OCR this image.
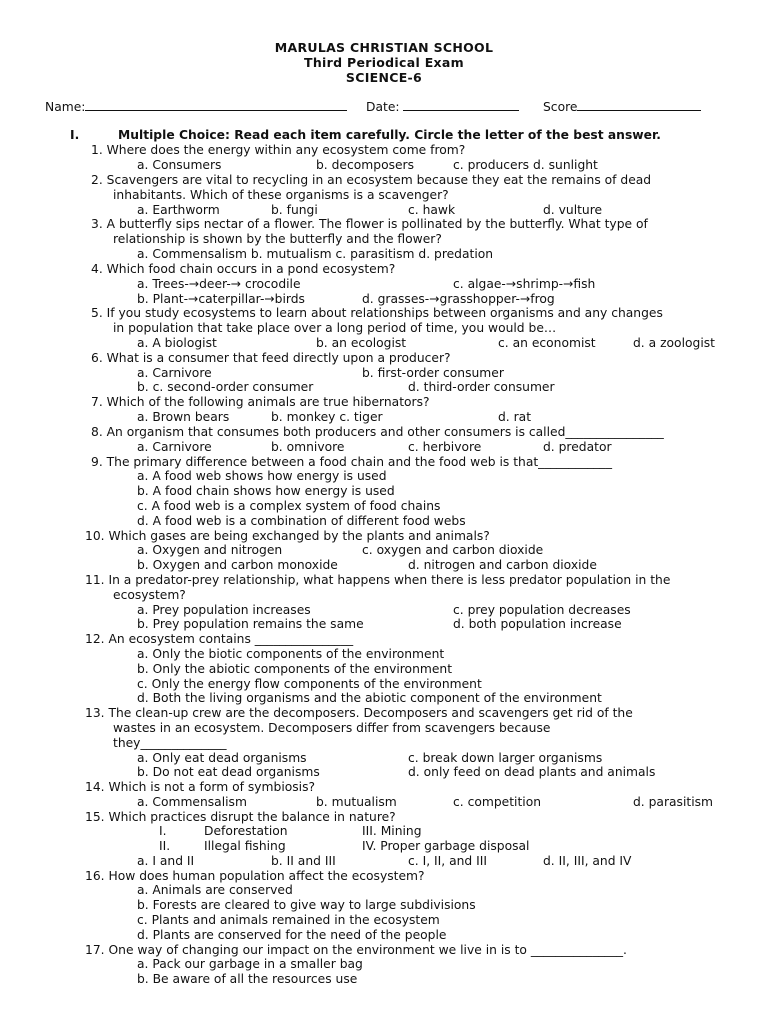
MARULAS CHRISTIAN SCHOOL
Third Periodical Exam
SCIENCE-6
Name:	Date:	Score
I.	Multiple Choice: Read each item carefully. Circle the letter of the best answer.
1. Where does the energy within any ecosystem come from?
a. Consumers	b. decomposers	c. producers d. sunlight
2. Scavengers are vital to recycling in an ecosystem because they eat the remains of dead
inhabitants. Which of these organisms is a scavenger?
a. Earthworm	b. fungi	c. hawk	d. vulture
3. A butterfly sips nectar of a flower. The flower is pollinated by the butterfly. What type of
relationship is shown by the butterfly and the flower?
a. Commensalism b. mutualism c. parasitism d. predation
4. Which food chain occurs in a pond ecosystem?
a. Trees-→deer-→ crocodile	c. algae-→shrimp-→fish
b. Plant-→caterpillar-→birds	d. grasses-→grasshopper-→frog
5. If you study ecosystems to learn about relationships between organisms and any changes
in population that take place over a long period of time, you would be…
a. A biologist	b. an ecologist	c. an economist	d. a zoologist
6. What is a consumer that feed directly upon a producer?
a. Carnivore	b. first-order consumer
b. c. second-order consumer	d. third-order consumer
7. Which of the following animals are true hibernators?
a. Brown bears	b. monkey c. tiger	d. rat
8. An organism that consumes both producers and other consumers is called________________
a. Carnivore	b. omnivore	c. herbivore	d. predator
9. The primary difference between a food chain and the food web is that____________
a. A food web shows how energy is used
b. A food chain shows how energy is used
c. A food web is a complex system of food chains
d. A food web is a combination of different food webs
10. Which gases are being exchanged by the plants and animals?
a. Oxygen and nitrogen	c. oxygen and carbon dioxide
b. Oxygen and carbon monoxide	d. nitrogen and carbon dioxide
11. In a predator-prey relationship, what happens when there is less predator population in the
ecosystem?
a. Prey population increases	c. prey population decreases
b. Prey population remains the same	d. both population increase
12. An ecosystem contains ________________
a. Only the biotic components of the environment
b. Only the abiotic components of the environment
c. Only the energy flow components of the environment
d. Both the living organisms and the abiotic component of the environment
13. The clean-up crew are the decomposers. Decomposers and scavengers get rid of the
wastes in an ecosystem. Decomposers differ from scavengers because
they______________
a. Only eat dead organisms	c. break down larger organisms
b. Do not eat dead organisms	d. only feed on dead plants and animals
14. Which is not a form of symbiosis?
a. Commensalism	b. mutualism	c. competition	d. parasitism
15. Which practices disrupt the balance in nature?
I.	Deforestation	III. Mining
II.	Illegal fishing	IV. Proper garbage disposal
a. I and II	b. II and III	c. I, II, and III	d. II, III, and IV
16. How does human population affect the ecosystem?
a. Animals are conserved
b. Forests are cleared to give way to large subdivisions
c. Plants and animals remained in the ecosystem
d. Plants are conserved for the need of the people
17. One way of changing our impact on the environment we live in is to _______________.
a. Pack our garbage in a smaller bag
b. Be aware of all the resources use
